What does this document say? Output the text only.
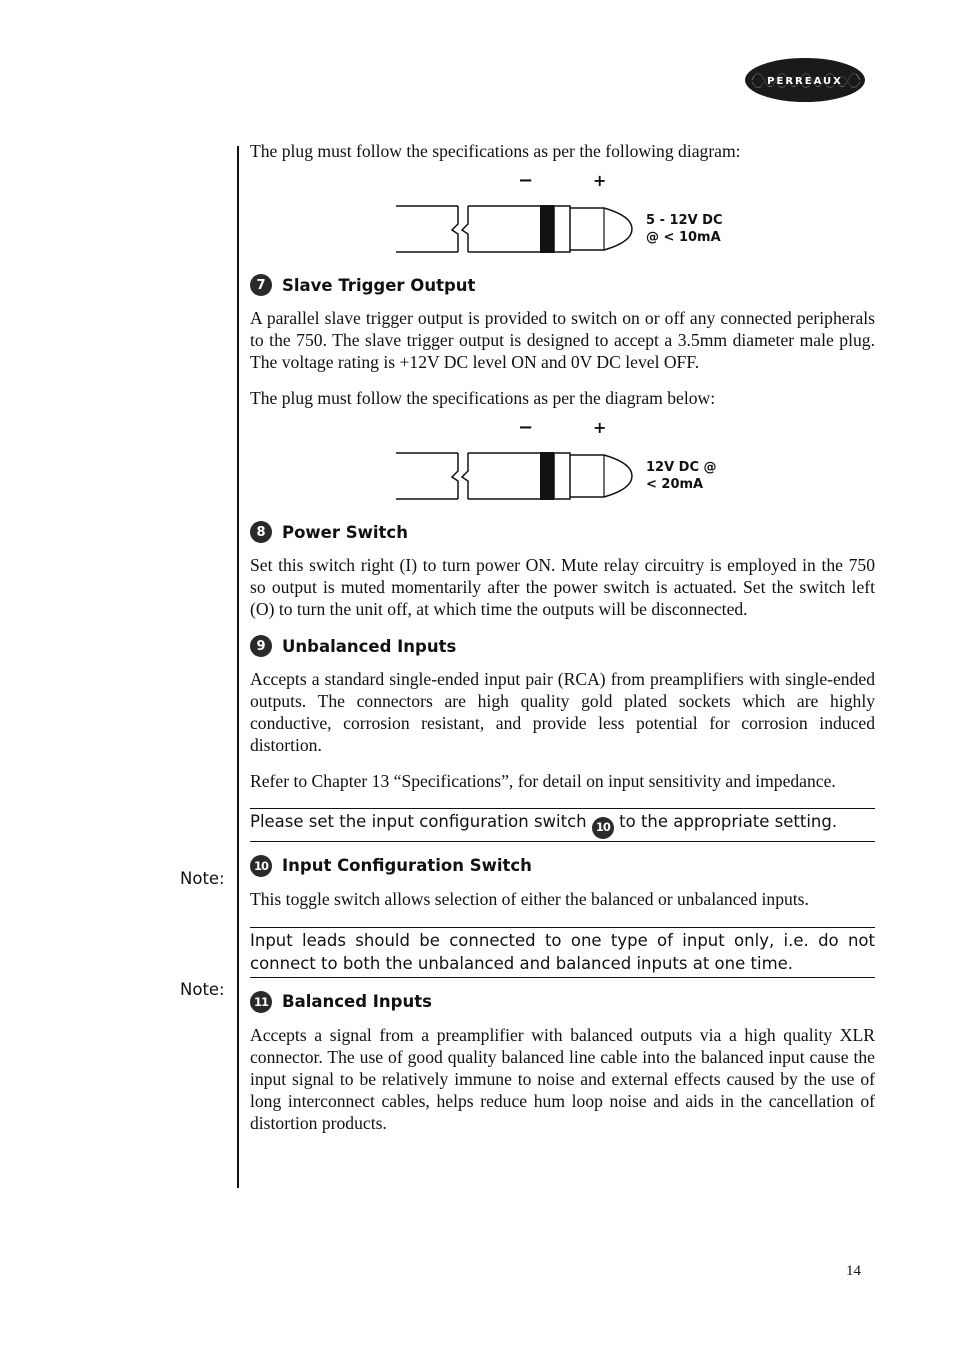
PERREAUX
Note:
Note:

The plug must follow the specifications as per the following diagram:

−	+
5 - 12V DC
@ < 10mA
7 Slave Trigger Output

A parallel slave trigger output is provided to switch on or off any connected peripherals to the 750. The slave trigger output is designed to accept a 3.5mm diameter male plug. The voltage rating is +12V DC level ON and 0V DC level OFF.

The plug must follow the specifications as per the diagram below:

−	+
12V DC @
< 20mA
8 Power Switch

Set this switch right (I) to turn power ON. Mute relay circuitry is employed in the 750 so output is muted momentarily after the power switch is actuated. Set the switch left (O) to turn the unit off, at which time the outputs will be disconnected.

9 Unbalanced Inputs

Accepts a standard single-ended input pair (RCA) from preamplifiers with single-ended outputs. The connectors are high quality gold plated sockets which are highly conductive, corrosion resistant, and provide less potential for corrosion induced distortion.

Refer to Chapter 13 “Specifications”, for detail on input sensitivity and impedance.

Please set the input configuration switch 10 to the appropriate setting.
10 Input Configuration Switch

This toggle switch allows selection of either the balanced or unbalanced inputs.

Input leads should be connected to one type of input only, i.e. do not connect to both the unbalanced and balanced inputs at one time.
11 Balanced Inputs

Accepts a signal from a preamplifier with balanced outputs via a high quality XLR connector. The use of good quality balanced line cable into the balanced input cause the input signal to be relatively immune to noise and external effects caused by the use of long interconnect cables, helps reduce hum loop noise and aids in the cancellation of distortion products.

14
